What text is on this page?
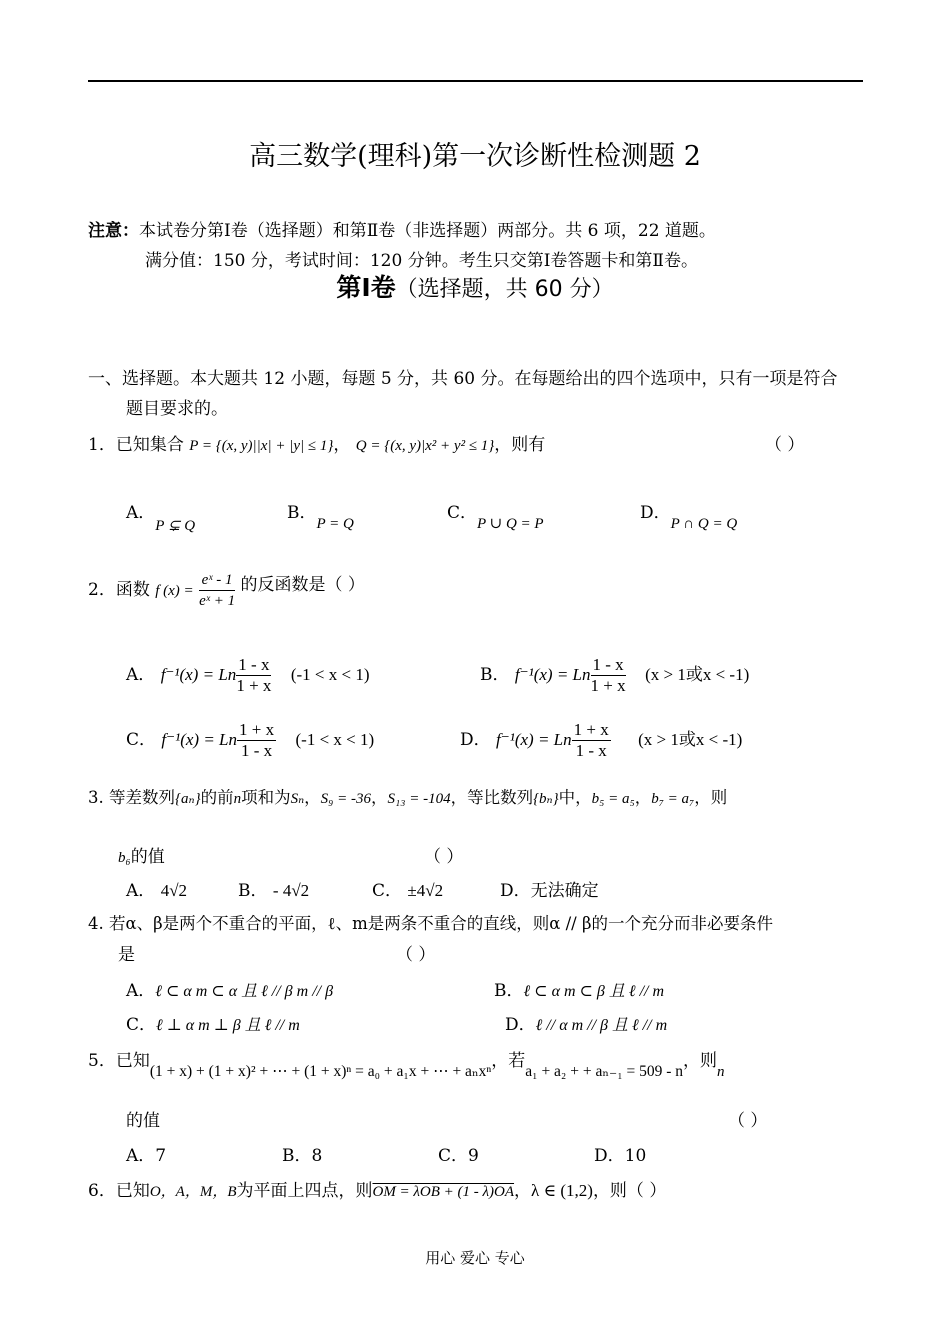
高三数学(理科)第一次诊断性检测题 2
注意：本试卷分第Ⅰ卷（选择题）和第Ⅱ卷（非选择题）两部分。共 6 项，22 道题。
满分值：150 分，考试时间：120 分钟。考生只交第Ⅰ卷答题卡和第Ⅱ卷。
第Ⅰ卷（选择题，共 60 分）
一、选择题。本大题共 12 小题，每题 5 分，共 60 分。在每题给出的四个选项中，只有一项是符合
题目要求的。
1．已知集合 P = {(x, y)||x| + |y| ≤ 1}， Q = {(x, y)|x² + y² ≤ 1}，则有	（ ）
A．P ⊊ Q
B．P = Q
C．P ∪ Q = P
D．P ∩ Q = Q
2．函数 f $(x) = \frac{\text{eˣ - 1}}{\text{eˣ + 1}}$ 的反函数是（ ）
A． f⁻¹(x) = Ln $\frac{1 - x}{1 + x} (-1 < x < 1)$	B． f⁻¹(x) = Ln $\frac{1 - x}{1 + x} (x > 1$或x < -1)
C． f⁻¹(x) = Ln $\frac{1 + x}{1 - x} (-1 < x < 1)$	D． f⁻¹(x) = Ln $\frac{1 + x}{1 - x} (x > 1$或x < -1)
3. 等差数列{aₙ}的前n项和为Sₙ，S₉ = -36，S₁₃ = -104，等比数列{bₙ}中，b₅ = a₅，b₇ = a₇，则
b₆的值	（ ）
A． 4√2	B． - 4√2	C． ±4√2	D．无法确定
4. 若α、β是两个不重合的平面，ℓ、m是两条不重合的直线，则α // β的一个充分而非必要条件
是	（ ）
A．ℓ ⊂ α m ⊂ α 且 ℓ // β m // β	B．ℓ ⊂ α m ⊂ β 且 ℓ // m
C．ℓ ⊥ α m ⊥ β 且 ℓ // m	D．ℓ // α m // β 且 ℓ // m
5．已知(1 + x) + (1 + x)² + ⋯ + (1 + x)ⁿ = a₀ + a₁x + ⋯ + aₙxⁿ，若a₁ + a₂ + + aₙ₋₁ = 509 - n，则n
的值	（ ）
A．7	B．8	C．9	D．10
6．已知O，A，M，B为平面上四点，则OM = λOB + (1 - λ)OA，λ ∈ (1,2)，则（ ）
用心 爱心 专心
